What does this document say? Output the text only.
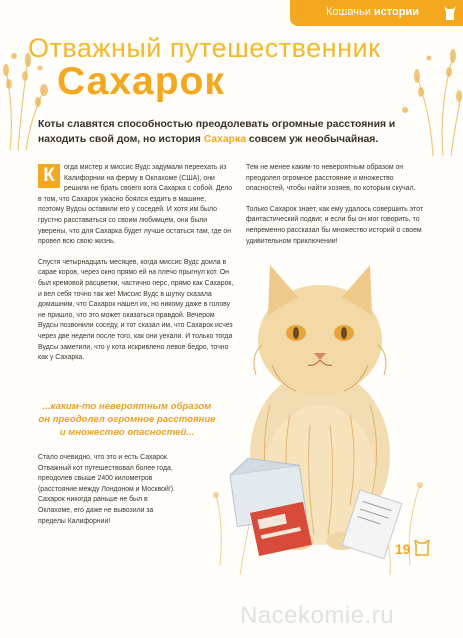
Кошачьи истории
Отважный путешественник
Сахарок
Коты славятся способностью преодолевать огромные расстояния и находить свой дом, но история Сахарка совсем уж необычайная.

К	огда мистер и миссис Вудс задумали переехать из Калифорнии на ферму в Оклахоме (США), они решили не брать своего кота Сахарка с собой. Дело в том, что Сахарок ужасно боялся ездить в машине, поэтому Вудсы оставили его у соседей. И хотя им было грустно расставаться со своим любимцем, они были уверены, что для Сахарка будет лучше остаться там, где он провел всю свою жизнь.

Спустя четырнадцать месяцев, когда миссис Вудс доила в сарае коров, через окно прямо ей на плечо прыгнул кот. Он был кремовой расцветки, частично перс, прямо как Сахарок, и вел себя точно так же! Миссис Вудс в шутку сказала домашним, что Сахарок нашел их, но никому даже в голову не пришло, что это может оказаться правдой. Вечером Вудсы позвонили соседу, и тот сказал им, что Сахарок исчез через две недели после того, как они уехали. И только тогда Вудсы заметили, что у кота искривлено левое бедро, точно как у Сахарка.

...каким-то невероятным образом он преодолел огромное расстояние и множество опасностей...

Стало очевидно, что это и есть Сахарок. Отважный кот путешествовал более года, преодолев свыше 2400 километров (расстояние между Лондоном и Москвой!). Сахарок никогда раньше не был в Оклахоме, его даже не вывозили за пределы Калифорнии!

Тем не менее каким-то невероятным образом он преодолел огромное расстояние и множество опасностей, чтобы найти хозяев, по которым скучал.

Только Сахарок знает, как ему удалось совершить этот фантастический подвиг, и если бы он мог говорить, то непременно рассказал бы множество историй о своем удивительном приключении!

19
Nacekomie.ru
